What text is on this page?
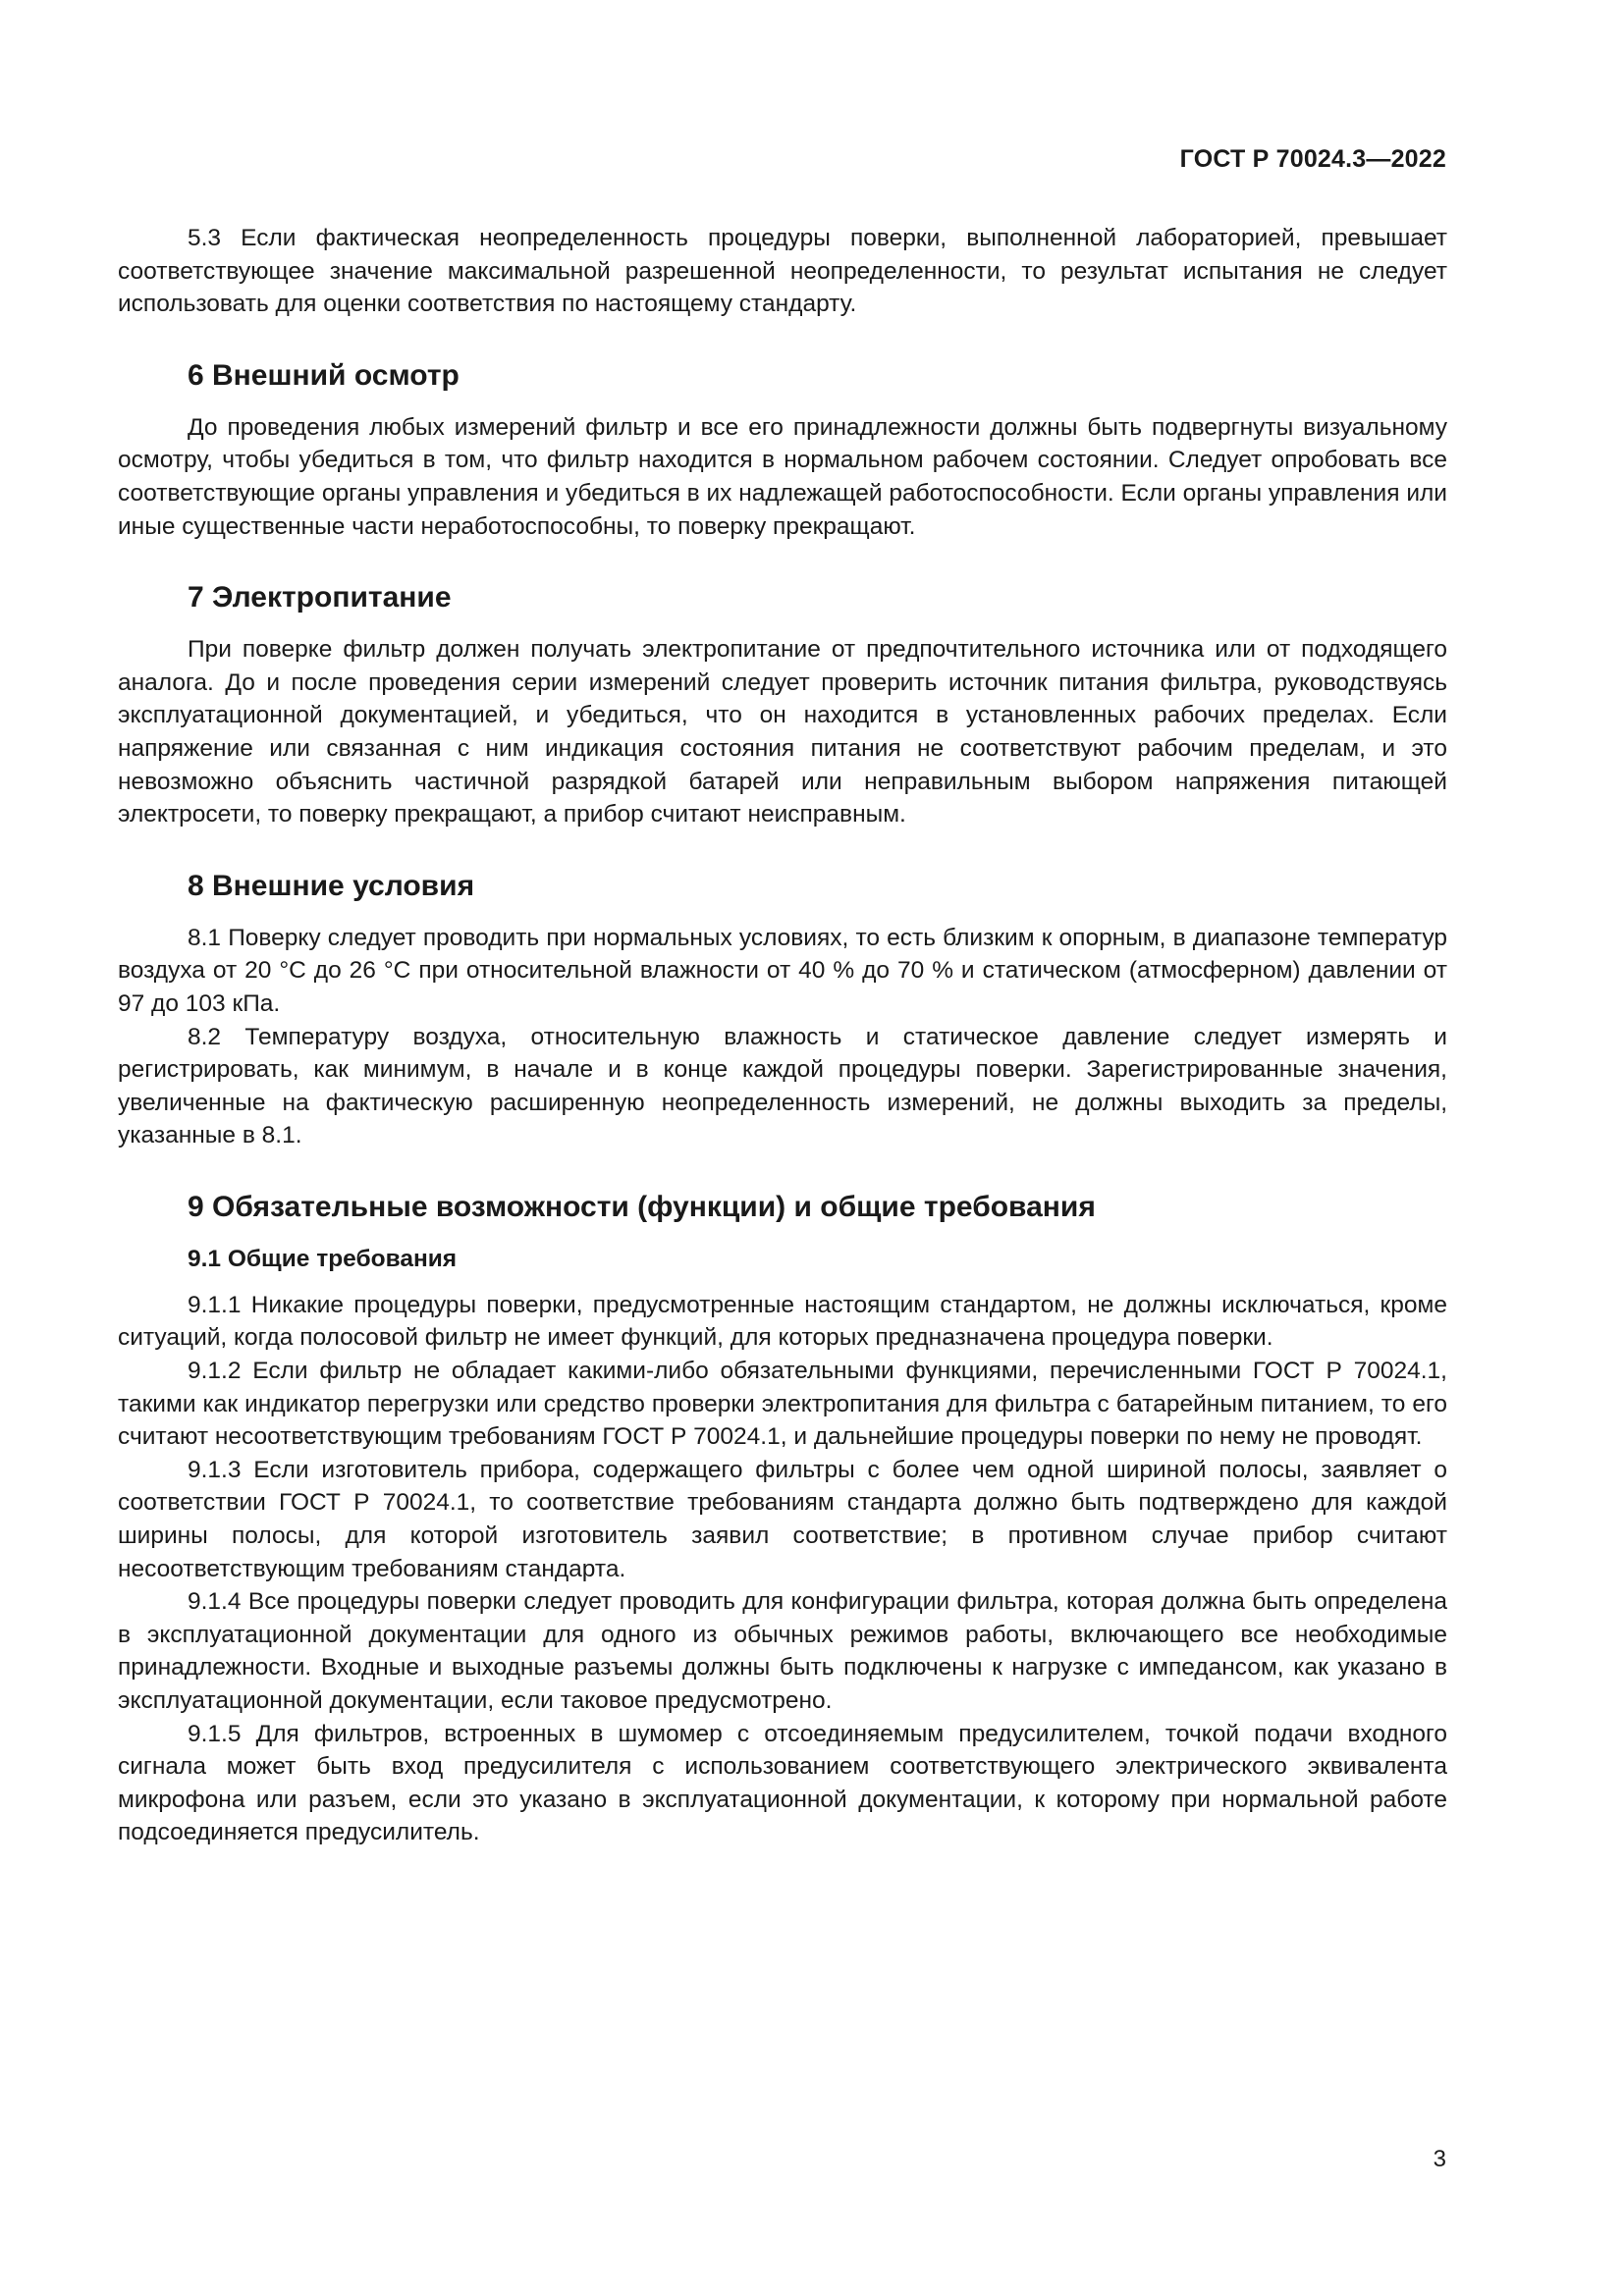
ГОСТ Р 70024.3—2022

5.3 Если фактическая неопределенность процедуры поверки, выполненной лабораторией, превышает соответствующее значение максимальной разрешенной неопределенности, то результат испытания не следует использовать для оценки соответствия по настоящему стандарту.

6 Внешний осмотр

До проведения любых измерений фильтр и все его принадлежности должны быть подвергнуты визуальному осмотру, чтобы убедиться в том, что фильтр находится в нормальном рабочем состоянии. Следует опробовать все соответствующие органы управления и убедиться в их надлежащей работоспособности. Если органы управления или иные существенные части неработоспособны, то поверку прекращают.

7 Электропитание

При поверке фильтр должен получать электропитание от предпочтительного источника или от подходящего аналога. До и после проведения серии измерений следует проверить источник питания фильтра, руководствуясь эксплуатационной документацией, и убедиться, что он находится в установленных рабочих пределах. Если напряжение или связанная с ним индикация состояния питания не соответствуют рабочим пределам, и это невозможно объяснить частичной разрядкой батарей или неправильным выбором напряжения питающей электросети, то поверку прекращают, а прибор считают неисправным.

8 Внешние условия

8.1 Поверку следует проводить при нормальных условиях, то есть близким к опорным, в диапазоне температур воздуха от 20 °С до 26 °С при относительной влажности от 40 % до 70 % и статическом (атмосферном) давлении от 97 до 103 кПа.

8.2 Температуру воздуха, относительную влажность и статическое давление следует измерять и регистрировать, как минимум, в начале и в конце каждой процедуры поверки. Зарегистрированные значения, увеличенные на фактическую расширенную неопределенность измерений, не должны выходить за пределы, указанные в 8.1.

9 Обязательные возможности (функции) и общие требования
9.1 Общие требования

9.1.1 Никакие процедуры поверки, предусмотренные настоящим стандартом, не должны исключаться, кроме ситуаций, когда полосовой фильтр не имеет функций, для которых предназначена процедура поверки.

9.1.2 Если фильтр не обладает какими-либо обязательными функциями, перечисленными ГОСТ Р 70024.1, такими как индикатор перегрузки или средство проверки электропитания для фильтра с батарейным питанием, то его считают несоответствующим требованиям ГОСТ Р 70024.1, и дальнейшие процедуры поверки по нему не проводят.

9.1.3 Если изготовитель прибора, содержащего фильтры с более чем одной шириной полосы, заявляет о соответствии ГОСТ Р 70024.1, то соответствие требованиям стандарта должно быть подтверждено для каждой ширины полосы, для которой изготовитель заявил соответствие; в противном случае прибор считают несоответствующим требованиям стандарта.

9.1.4 Все процедуры поверки следует проводить для конфигурации фильтра, которая должна быть определена в эксплуатационной документации для одного из обычных режимов работы, включающего все необходимые принадлежности. Входные и выходные разъемы должны быть подключены к нагрузке с импедансом, как указано в эксплуатационной документации, если таковое предусмотрено.

9.1.5 Для фильтров, встроенных в шумомер с отсоединяемым предусилителем, точкой подачи входного сигнала может быть вход предусилителя с использованием соответствующего электрического эквивалента микрофона или разъем, если это указано в эксплуатационной документации, к которому при нормальной работе подсоединяется предусилитель.

3
